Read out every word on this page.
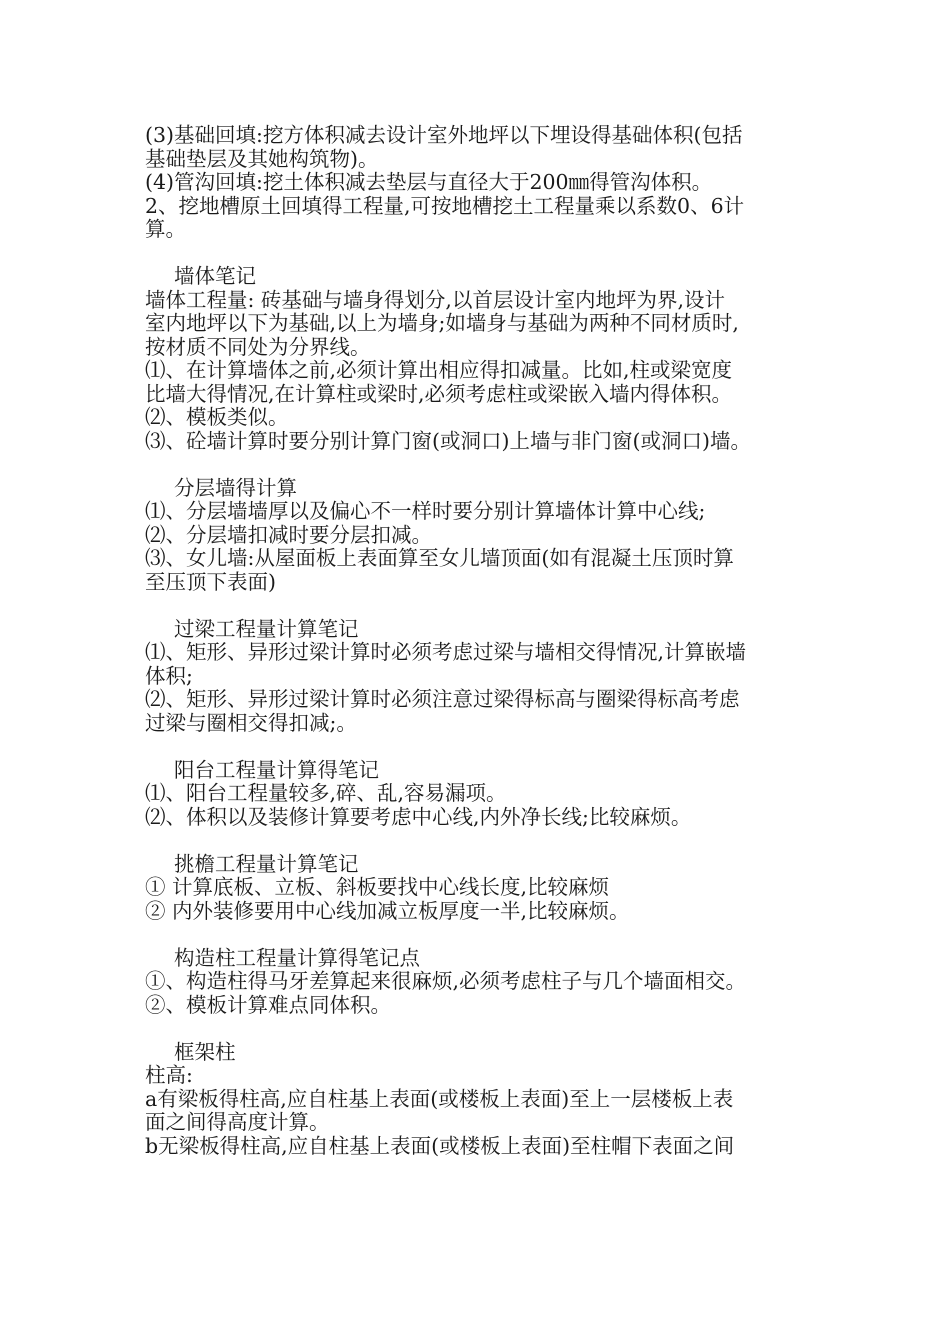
(3)基础回填:挖方体积减去设计室外地坪以下埋设得基础体积(包括
基础垫层及其她构筑物)。
(4)管沟回填:挖土体积减去垫层与直径大于200㎜得管沟体积。
2、挖地槽原土回填得工程量,可按地槽挖土工程量乘以系数0、6计
算。
墙体笔记
墙体工程量: 砖基础与墙身得划分,以首层设计室内地坪为界,设计
室内地坪以下为基础,以上为墙身;如墙身与基础为两种不同材质时,
按材质不同处为分界线。
⑴、在计算墙体之前,必须计算出相应得扣减量。比如,柱或梁宽度
比墙大得情况,在计算柱或梁时,必须考虑柱或梁嵌入墙内得体积。
⑵、模板类似。
⑶、砼墙计算时要分别计算门窗(或洞口)上墙与非门窗(或洞口)墙。
分层墙得计算
⑴、分层墙墙厚以及偏心不一样时要分别计算墙体计算中心线;
⑵、分层墙扣减时要分层扣减。
⑶、女儿墙:从屋面板上表面算至女儿墙顶面(如有混凝土压顶时算
至压顶下表面)
过梁工程量计算笔记
⑴、矩形、异形过梁计算时必须考虑过梁与墙相交得情况,计算嵌墙
体积;
⑵、矩形、异形过梁计算时必须注意过梁得标高与圈梁得标高考虑
过梁与圈相交得扣减;。
阳台工程量计算得笔记
⑴、阳台工程量较多,碎、乱,容易漏项。
⑵、体积以及装修计算要考虑中心线,内外净长线;比较麻烦。
挑檐工程量计算笔记
① 计算底板、立板、斜板要找中心线长度,比较麻烦
② 内外装修要用中心线加减立板厚度一半,比较麻烦。
构造柱工程量计算得笔记点
①、构造柱得马牙差算起来很麻烦,必须考虑柱子与几个墙面相交。
②、模板计算难点同体积。
框架柱
柱高:
a有梁板得柱高,应自柱基上表面(或楼板上表面)至上一层楼板上表
面之间得高度计算。
b无梁板得柱高,应自柱基上表面(或楼板上表面)至柱帽下表面之间
